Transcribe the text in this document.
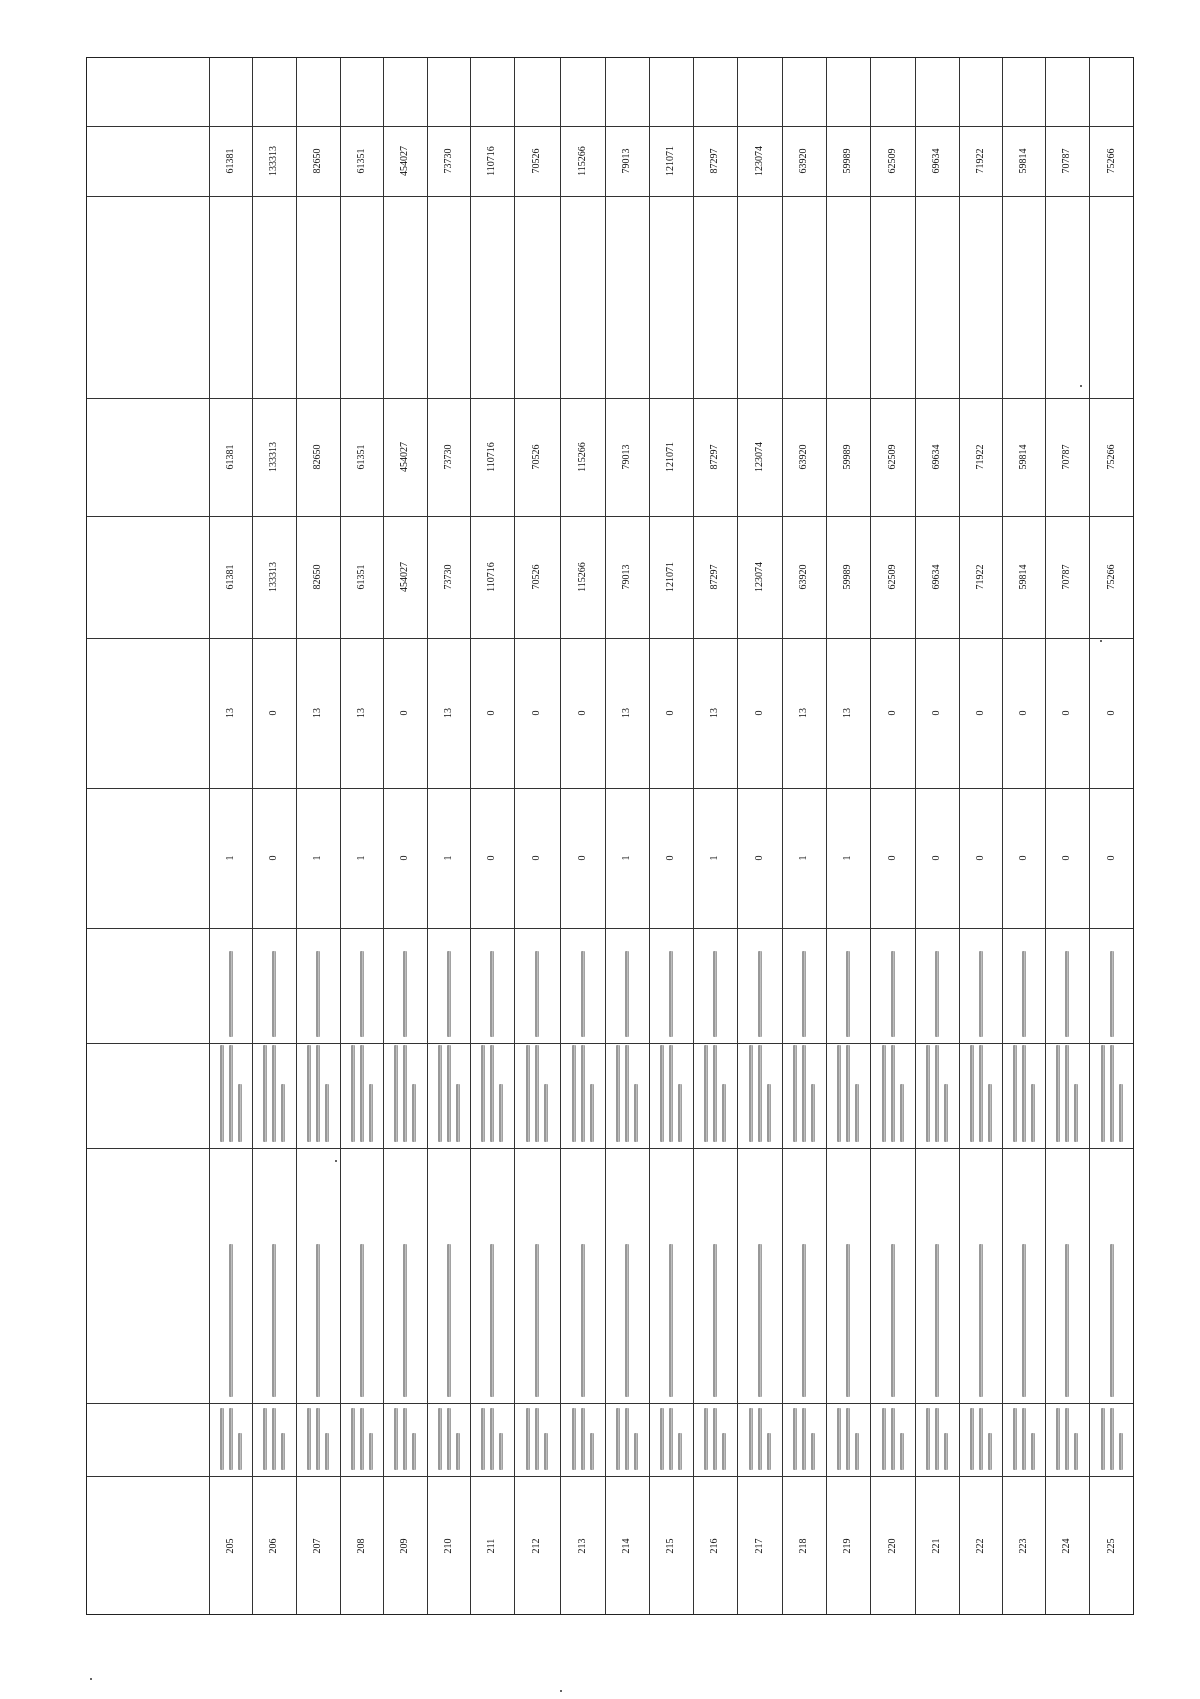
61381
61381
61381
13
1
205
133313
133313
133313
0
0
206
82650
82650
82650
13
1
207
61351
61351
61351
13
1
208
454027
454027
454027
0
0
209
73730
73730
73730
13
1
210
110716
110716
110716
0
0
211
70526
70526
70526
0
0
212
115266
115266
115266
0
0
213
79013
79013
79013
13
1
214
121071
121071
121071
0
0
215
87297
87297
87297
13
1
216
123074
123074
123074
0
0
217
63920
63920
63920
13
1
218
59989
59989
59989
13
1
219
62509
62509
62509
0
0
220
69634
69634
69634
0
0
221
71922
71922
71922
0
0
222
59814
59814
59814
0
0
223
70787
70787
70787
0
0
224
75266
75266
75266
0
0
225
